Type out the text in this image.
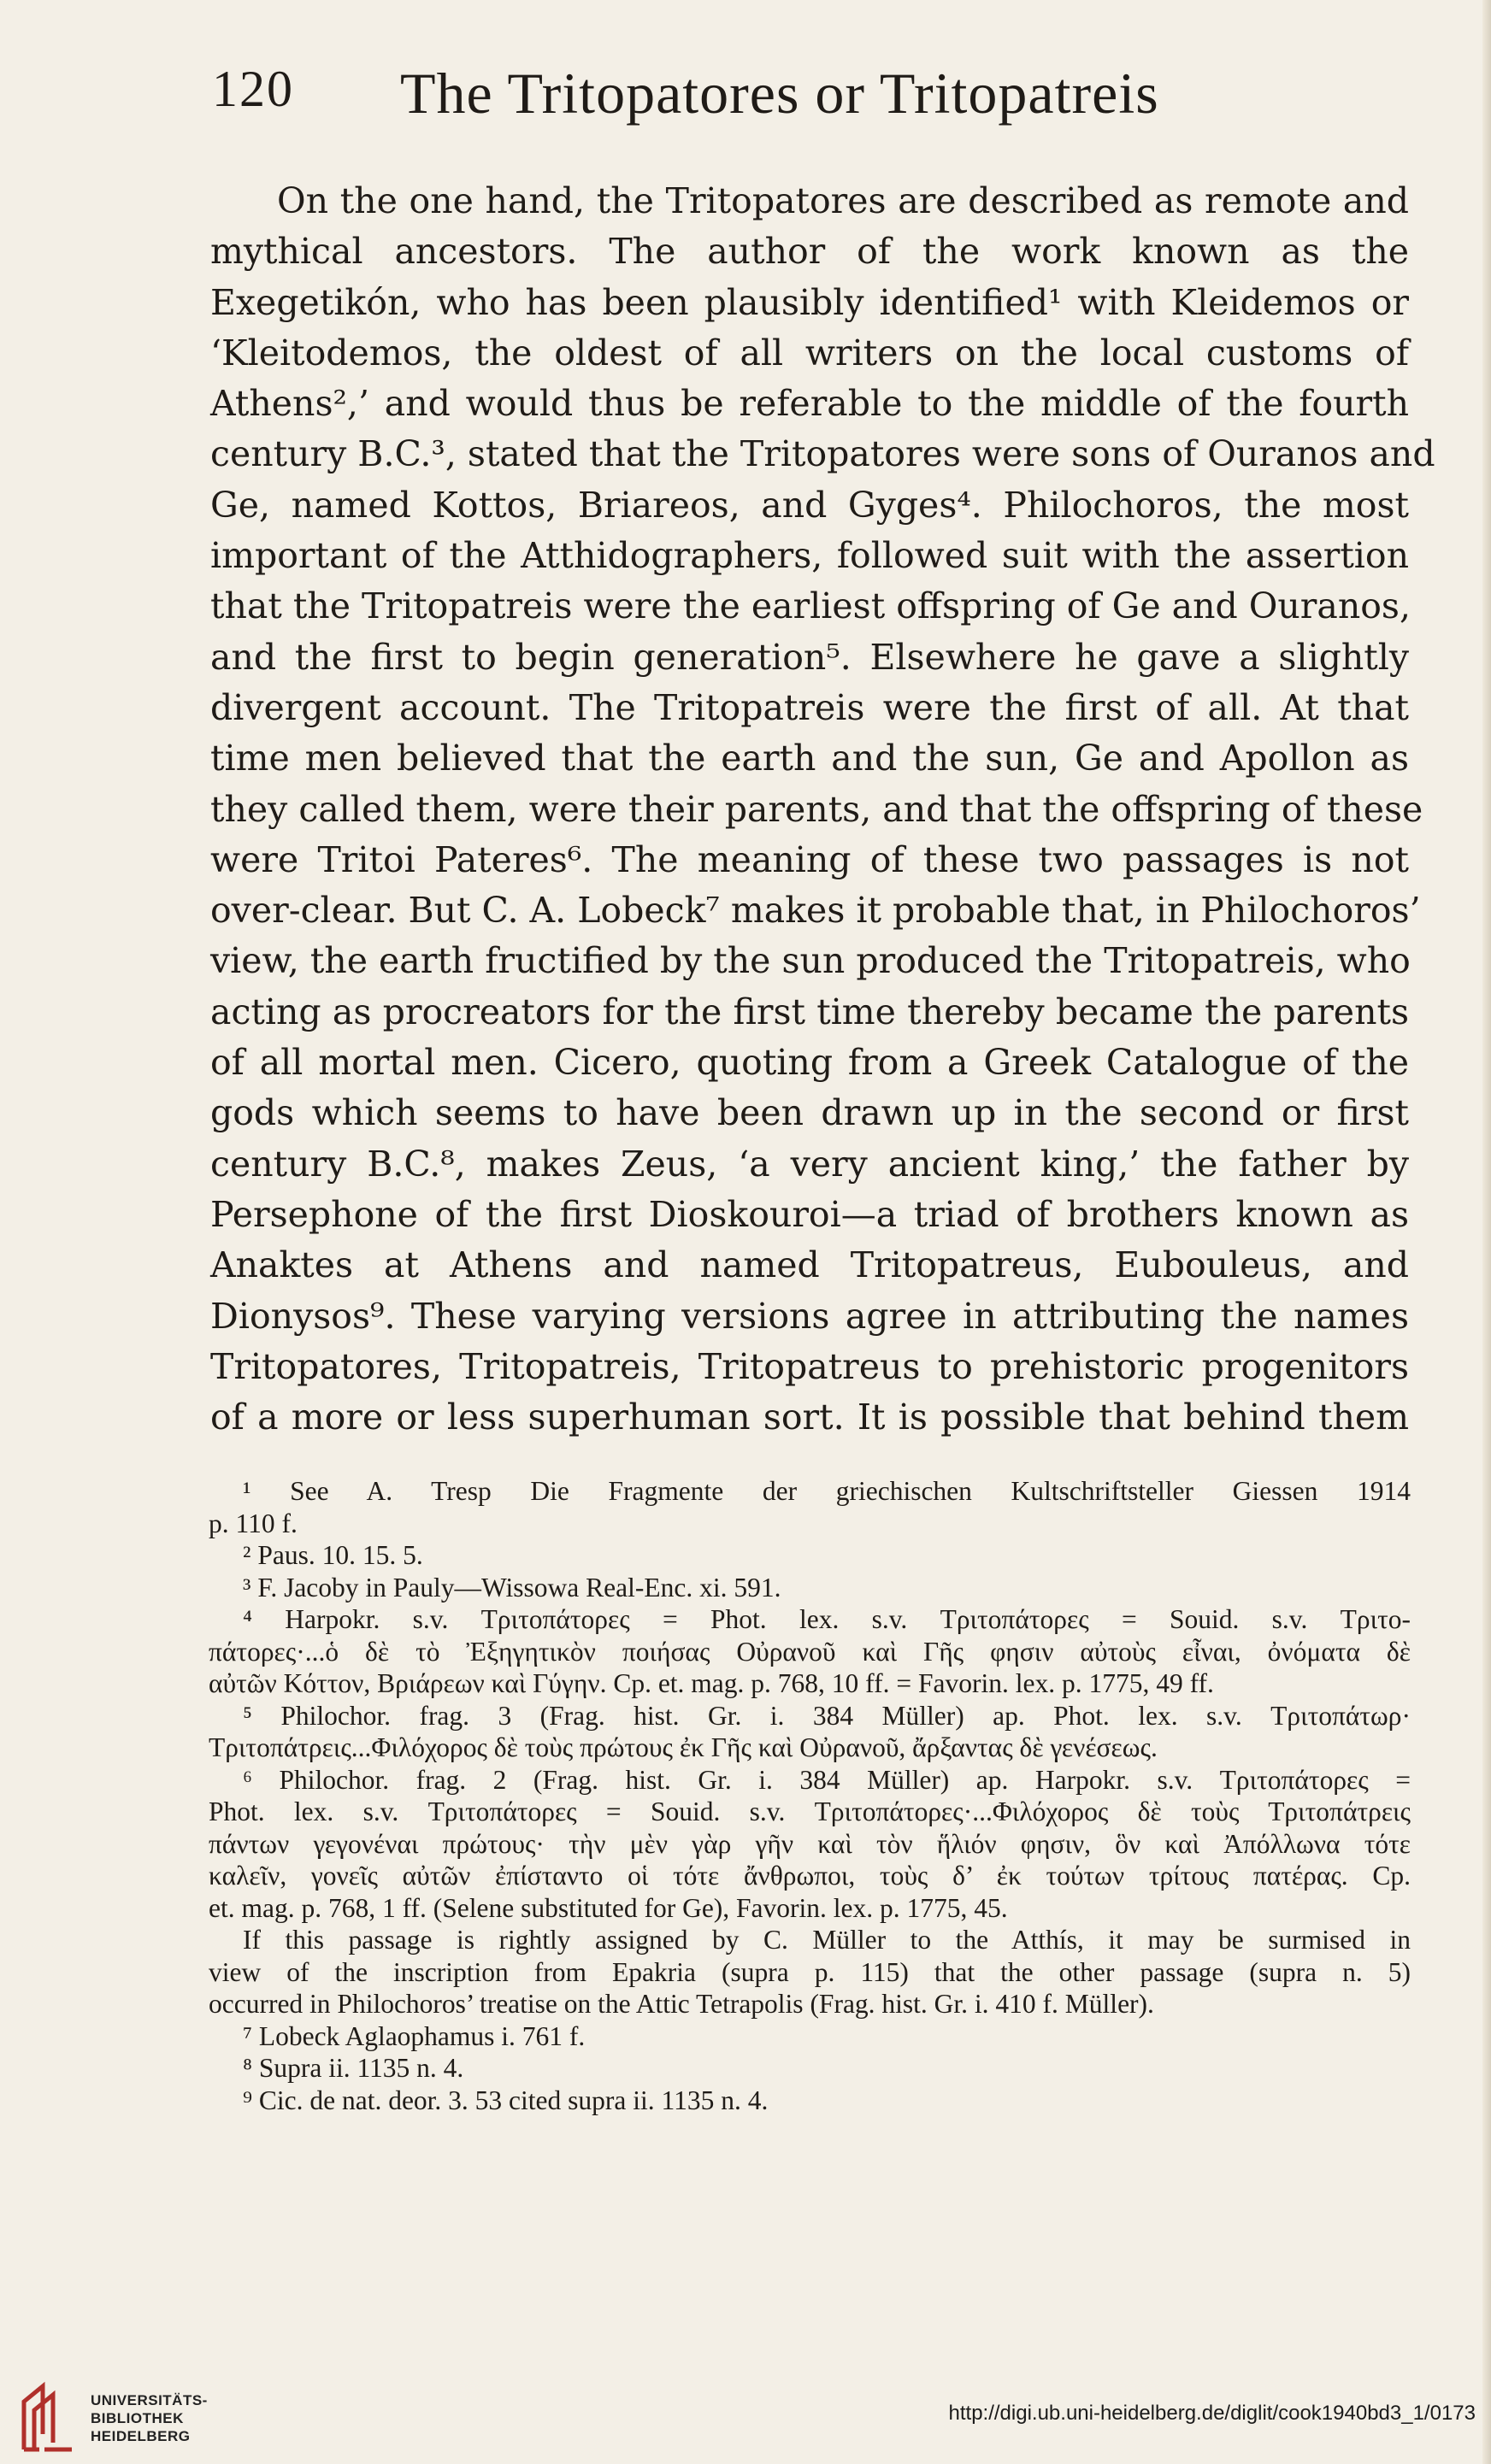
120 The Tritopatores or Tritopatreis
On the one hand, the Tritopatores are described as remote and
mythical ancestors. The author of the work known as the
Exegetikón, who has been plausibly identified¹ with Kleidemos or
‘Kleitodemos, the oldest of all writers on the local customs of
Athens²,’ and would thus be referable to the middle of the fourth
century B.C.³, stated that the Tritopatores were sons of Ouranos and
Ge, named Kottos, Briareos, and Gyges⁴. Philochoros, the most
important of the Atthidographers, followed suit with the assertion
that the Tritopatreis were the earliest offspring of Ge and Ouranos,
and the first to begin generation⁵. Elsewhere he gave a slightly
divergent account. The Tritopatreis were the first of all. At that
time men believed that the earth and the sun, Ge and Apollon as
they called them, were their parents, and that the offspring of these
were Tritoi Pateres⁶. The meaning of these two passages is not
over-clear. But C. A. Lobeck⁷ makes it probable that, in Philochoros’
view, the earth fructified by the sun produced the Tritopatreis, who
acting as procreators for the first time thereby became the parents
of all mortal men. Cicero, quoting from a Greek Catalogue of the
gods which seems to have been drawn up in the second or first
century B.C.⁸, makes Zeus, ‘a very ancient king,’ the father by
Persephone of the first Dioskouroi—a triad of brothers known as
Anaktes at Athens and named Tritopatreus, Eubouleus, and
Dionysos⁹. These varying versions agree in attributing the names
Tritopatores, Tritopatreis, Tritopatreus to prehistoric progenitors
of a more or less superhuman sort. It is possible that behind them
¹ See A. Tresp Die Fragmente der griechischen Kultschriftsteller Giessen 1914
p. 110 f.
² Paus. 10. 15. 5.
³ F. Jacoby in Pauly—Wissowa Real-Enc. xi. 591.
⁴ Harpokr. s.v. Τριτοπάτορες = Phot. lex. s.v. Τριτοπάτορες = Souid. s.v. Τριτο-
πάτορες·...ὁ δὲ τὸ Ἐξηγητικὸν ποιήσας Οὐρανοῦ καὶ Γῆς φησιν αὐτοὺς εἶναι, ὀνόματα δὲ
αὐτῶν Κόττον, Βριάρεων καὶ Γύγην. Cp. et. mag. p. 768, 10 ff. = Favorin. lex. p. 1775, 49 ff.
⁵ Philochor. frag. 3 (Frag. hist. Gr. i. 384 Müller) ap. Phot. lex. s.v. Τριτοπάτωρ·
Τριτοπάτρεις...Φιλόχορος δὲ τοὺς πρώτους ἐκ Γῆς καὶ Οὐρανοῦ, ἄρξαντας δὲ γενέσεως.
⁶ Philochor. frag. 2 (Frag. hist. Gr. i. 384 Müller) ap. Harpokr. s.v. Τριτοπάτορες =
Phot. lex. s.v. Τριτοπάτορες = Souid. s.v. Τριτοπάτορες·...Φιλόχορος δὲ τοὺς Τριτοπάτρεις
πάντων γεγονέναι πρώτους· τὴν μὲν γὰρ γῆν καὶ τὸν ἥλιόν φησιν, ὃν καὶ Ἀπόλλωνα τότε
καλεῖν, γονεῖς αὐτῶν ἐπίσταντο οἱ τότε ἄνθρωποι, τοὺς δ’ ἐκ τούτων τρίτους πατέρας. Cp.
et. mag. p. 768, 1 ff. (Selene substituted for Ge), Favorin. lex. p. 1775, 45.
If this passage is rightly assigned by C. Müller to the Atthís, it may be surmised in
view of the inscription from Epakria (supra p. 115) that the other passage (supra n. 5)
occurred in Philochoros’ treatise on the Attic Tetrapolis (Frag. hist. Gr. i. 410 f. Müller).
⁷ Lobeck Aglaophamus i. 761 f.
⁸ Supra ii. 1135 n. 4.
⁹ Cic. de nat. deor. 3. 53 cited supra ii. 1135 n. 4.
UNIVERSITÄTS-
BIBLIOTHEK
HEIDELBERG
http://digi.ub.uni-heidelberg.de/diglit/cook1940bd3_1/0173
